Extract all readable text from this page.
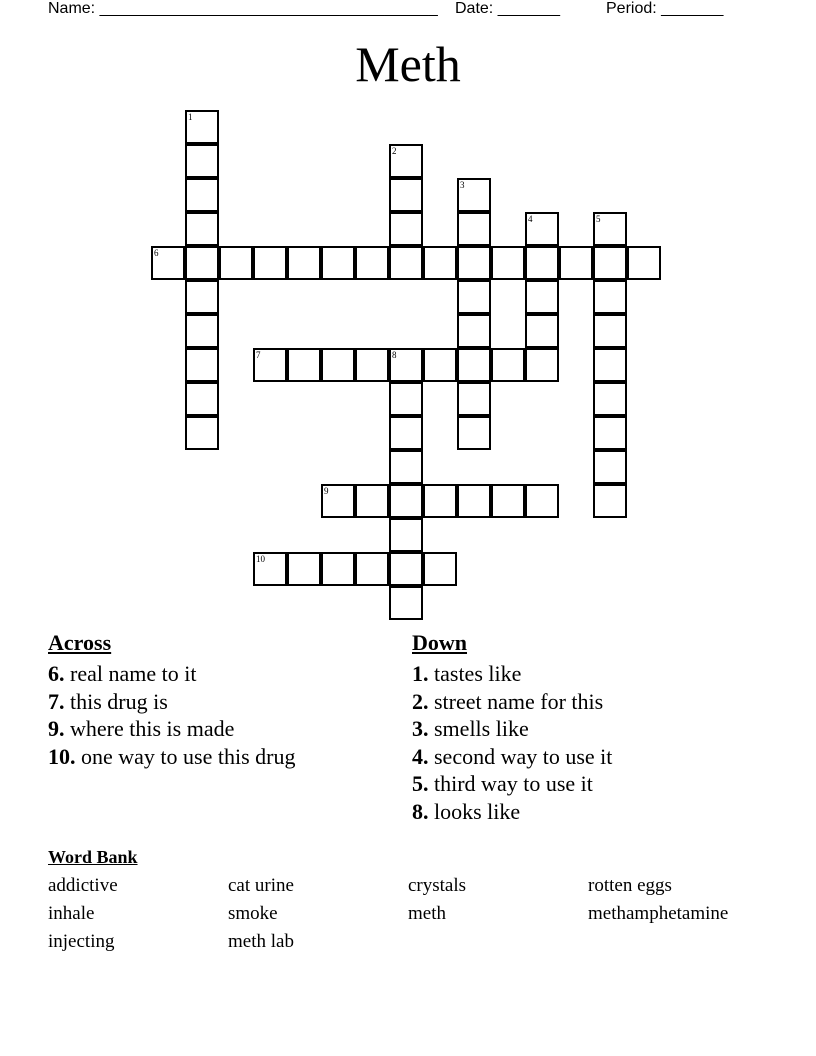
Name: ______________________________________ Date: _______	Period: _______
Meth
6
7	8
9
10
1
2
3
4	5
Across
6. real name to it
7. this drug is
9. where this is made
10. one way to use this drug
Down
1. tastes like
2. street name for this
3. smells like
4. second way to use it
5. third way to use it
8. looks like
Word Bank
addictive	cat urine	crystals	rotten eggs
inhale	smoke	meth	methamphetamine
injecting	meth lab
